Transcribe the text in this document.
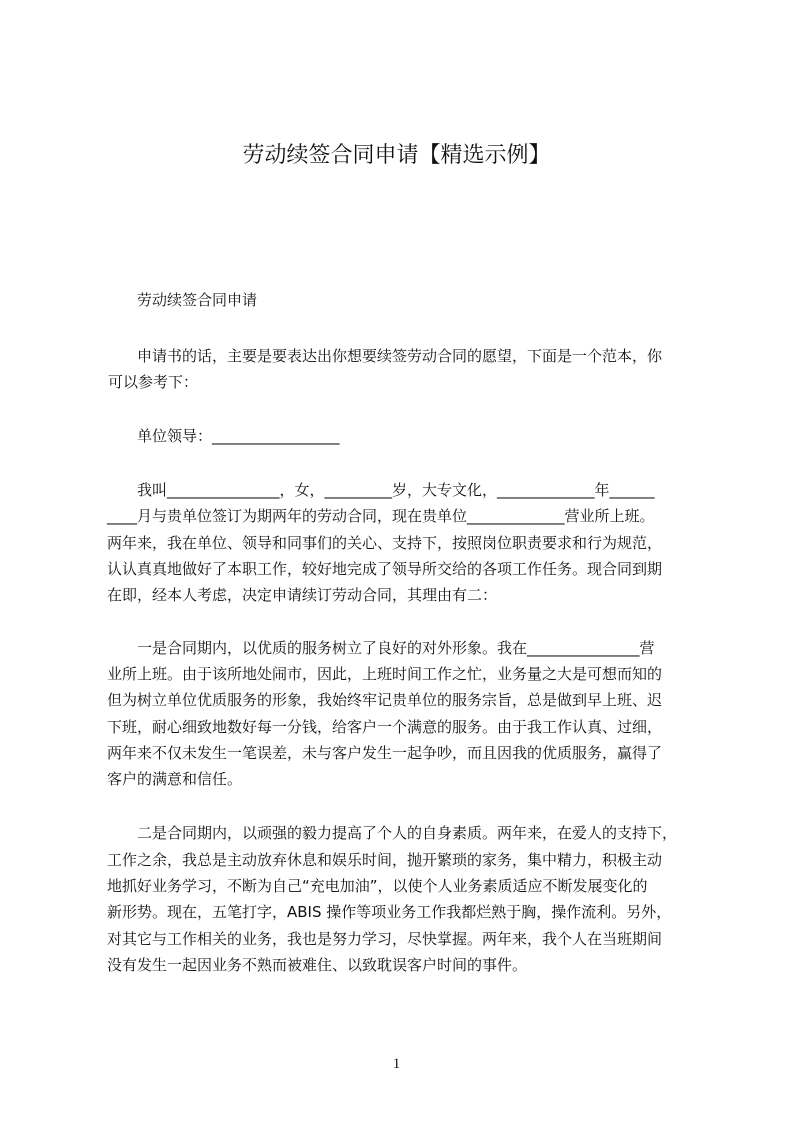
劳动续签合同申请【精选示例】
劳动续签合同申请
申请书的话，主要是要表达出你想要续签劳动合同的愿望，下面是一个范本，你
可以参考下：
单位领导：_________________
我叫_______________，女，_________岁，大专文化，_____________年______
____月与贵单位签订为期两年的劳动合同，现在贵单位_____________营业所上班。
两年来，我在单位、领导和同事们的关心、支持下，按照岗位职责要求和行为规范，
认认真真地做好了本职工作，较好地完成了领导所交给的各项工作任务。现合同到期
在即，经本人考虑，决定申请续订劳动合同，其理由有二：
一是合同期内，以优质的服务树立了良好的对外形象。我在_______________营
业所上班。由于该所地处闹市，因此，上班时间工作之忙，业务量之大是可想而知的
但为树立单位优质服务的形象，我始终牢记贵单位的服务宗旨，总是做到早上班、迟
下班，耐心细致地数好每一分钱，给客户一个满意的服务。由于我工作认真、过细，
两年来不仅未发生一笔误差，未与客户发生一起争吵，而且因我的优质服务，赢得了
客户的满意和信任。
二是合同期内，以顽强的毅力提高了个人的自身素质。两年来，在爱人的支持下，
工作之余，我总是主动放弃休息和娱乐时间，抛开繁琐的家务，集中精力，积极主动
地抓好业务学习，不断为自己“充电加油”，以使个人业务素质适应不断发展变化的
新形势。现在，五笔打字，ABIS 操作等项业务工作我都烂熟于胸，操作流利。另外，
对其它与工作相关的业务，我也是努力学习，尽快掌握。两年来，我个人在当班期间
没有发生一起因业务不熟而被难住、以致耽误客户时间的事件。
1
